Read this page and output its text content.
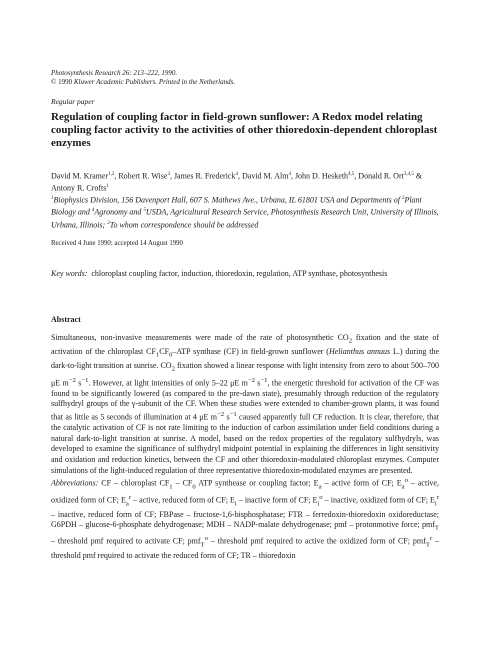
Photosynthesis Research 26: 213–222, 1990.
© 1990 Kluwer Academic Publishers. Printed in the Netherlands.
Regular paper
Regulation of coupling factor in field-grown sunflower: A Redox model relating coupling factor activity to the activities of other thioredoxin-dependent chloroplast enzymes
David M. Kramer$^{1,2}$, Robert R. Wise$^3$, James R. Frederick$^4$, David M. Alm$^4$, John D. Hesketh$^{4,5}$, Donald R. Ort$^{3,4,5}$ & Antony R. Crofts$^1$
$^1$Biophysics Division, 156 Davenport Hall, 607 S. Mathews Ave., Urbana, IL 61801 USA and Departments of $^3$Plant Biology and $^4$Agronomy and $^5$USDA, Agricultural Research Service, Photosynthesis Research Unit, University of Illinois, Urbana, Illinois; $^2$To whom correspondence should be addressed
Received 4 June 1990; accepted 14 August 1990
Key words: chloroplast coupling factor, induction, thioredoxin, regulation, ATP synthase, photosynthesis
Abstract
Simultaneous, non-invasive measurements were made of the rate of photosynthetic $CO_2$ fixation and the state of activation of the chloroplast $CF_1CF_0$–ATP synthase (CF) in field-grown sunflower (Helianthus annuus L.) during the dark-to-light transition at sunrise. $CO_2$ fixation showed a linear response with light intensity from zero to about 500–700 μE $m^{-2}$ $s^{-1}$. However, at light intensities of only 5–22 μE $m^{-2}$ $s^{-1}$, the energetic threshold for activation of the CF was found to be significantly lowered (as compared to the pre-dawn state), presumably through reduction of the regulatory sulfhydryl groups of the γ-subunit of the CF. When these studies were extended to chamber-grown plants, it was found that as little as 5 seconds of illumination at 4 μE $m^{-2}$ $s^{-1}$ caused apparently full CF reduction. It is clear, therefore, that the catalytic activation of CF is not rate limiting to the induction of carbon assimilation under field conditions during a natural dark-to-light transition at sunrise. A model, based on the redox properties of the regulatory sulfhydryls, was developed to examine the significance of sulfhydryl midpoint potential in explaining the differences in light sensitivity and oxidation and reduction kinetics, between the CF and other thioredoxin-modulated chloroplast enzymes. Computer simulations of the light-induced regulation of three representative thioredoxin-modulated enzymes are presented.
Abbreviations: CF – chloroplast $CF_1 - CF_0$ ATP synthease or coupling factor; $E_a$ – active form of CF; $E_a^o$ – active, oxidized form of CF; $E_a^r$ – active, reduced form of CF; $E_i$ – inactive form of CF; $E_i^o$ – inactive, oxidized form of CF; $E_i^r$ – inactive, reduced form of CF; FBPase – fructose-1,6-bisphosphatase; FTR – ferredoxin-thioredoxin oxidoreductase; G6PDH – glucose-6-phosphate dehydrogenase; MDH – NADP-malate dehydrogenase; pmf – protonmotive force; pmf$_T$ – threshold pmf required to activate CF; pmf$_T^o$ – threshold pmf required to active the oxidized form of CF; pmf$_T^r$ – threshold pmf required to activate the reduced form of CF; TR – thioredoxin
